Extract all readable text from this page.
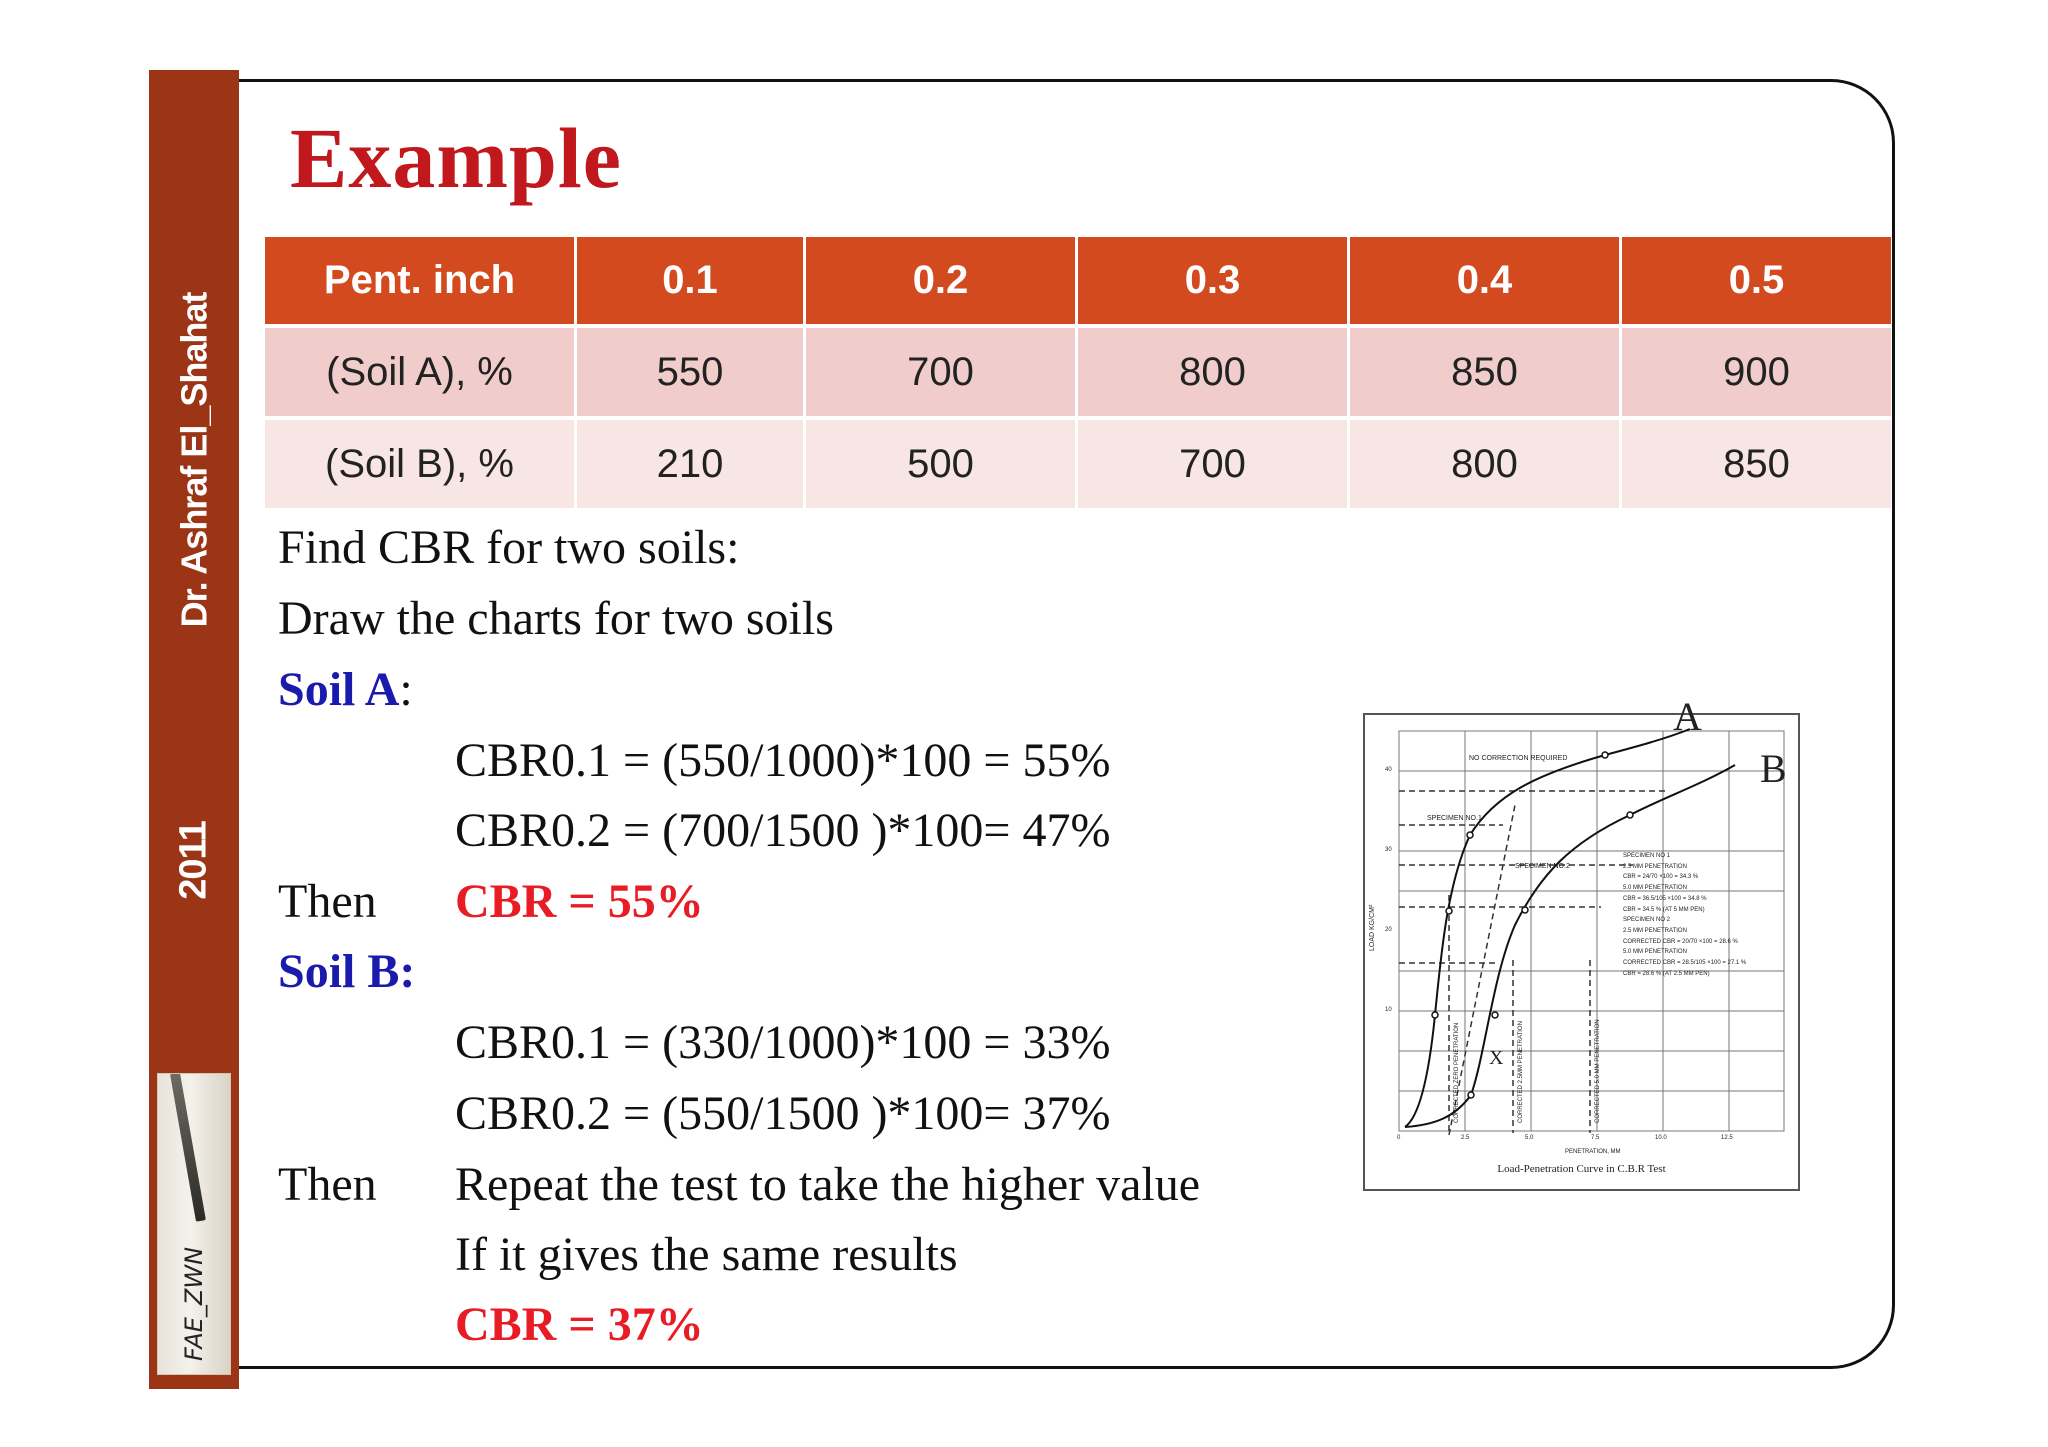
Dr. Ashraf El_Shahat
2011
FAE_ZWN
Example
Pent. inch	0.1	0.2	0.3	0.4	0.5
(Soil A), %	550	700	800	850	900
(Soil B), %	210	500	700	800	850
Find CBR for two soils:
Draw the charts for two soils
Soil A:
CBR0.1 = (550/1000)*100 = 55%
CBR0.2 = (700/1500 )*100= 47%
Then CBR = 55%
Soil B:
CBR0.1 = (330/1000)*100 = 33%
CBR0.2 = (550/1500 )*100= 37%
Then Repeat the test to take the higher value
If it gives the same results
CBR = 37%
A
B
X
NO CORRECTION REQUIRED
SPECIMEN NO.1
SPECIMEN NO.2
LOAD KG/CM²
10
20
30
40
0	2.5	5.0	7.5	10.0	12.5
PENETRATION, MM
Load-Penetration Curve in C.B.R Test
CORRECTED ZERO PENETRATION	CORRECTED 2.5MM PENETRATION	CORRECTED 5.0 MM PENETRATION
SPECIMEN NO 1
2.5 MM PENETRATION
CBR = 24/70 ×100 = 34.3 %
5.0 MM PENETRATION
CBR = 36.5/105 ×100 = 34.8 %
CBR = 34.5 % (AT 5 MM PEN)
SPECIMEN NO 2
2.5 MM PENETRATION
CORRECTED CBR = 20/70 ×100 = 28.6 %
5.0 MM PENETRATION
CORRECTED CBR = 28.5/105 ×100 = 27.1 %
CBR = 28.6 % (AT 2.5 MM PEN)
